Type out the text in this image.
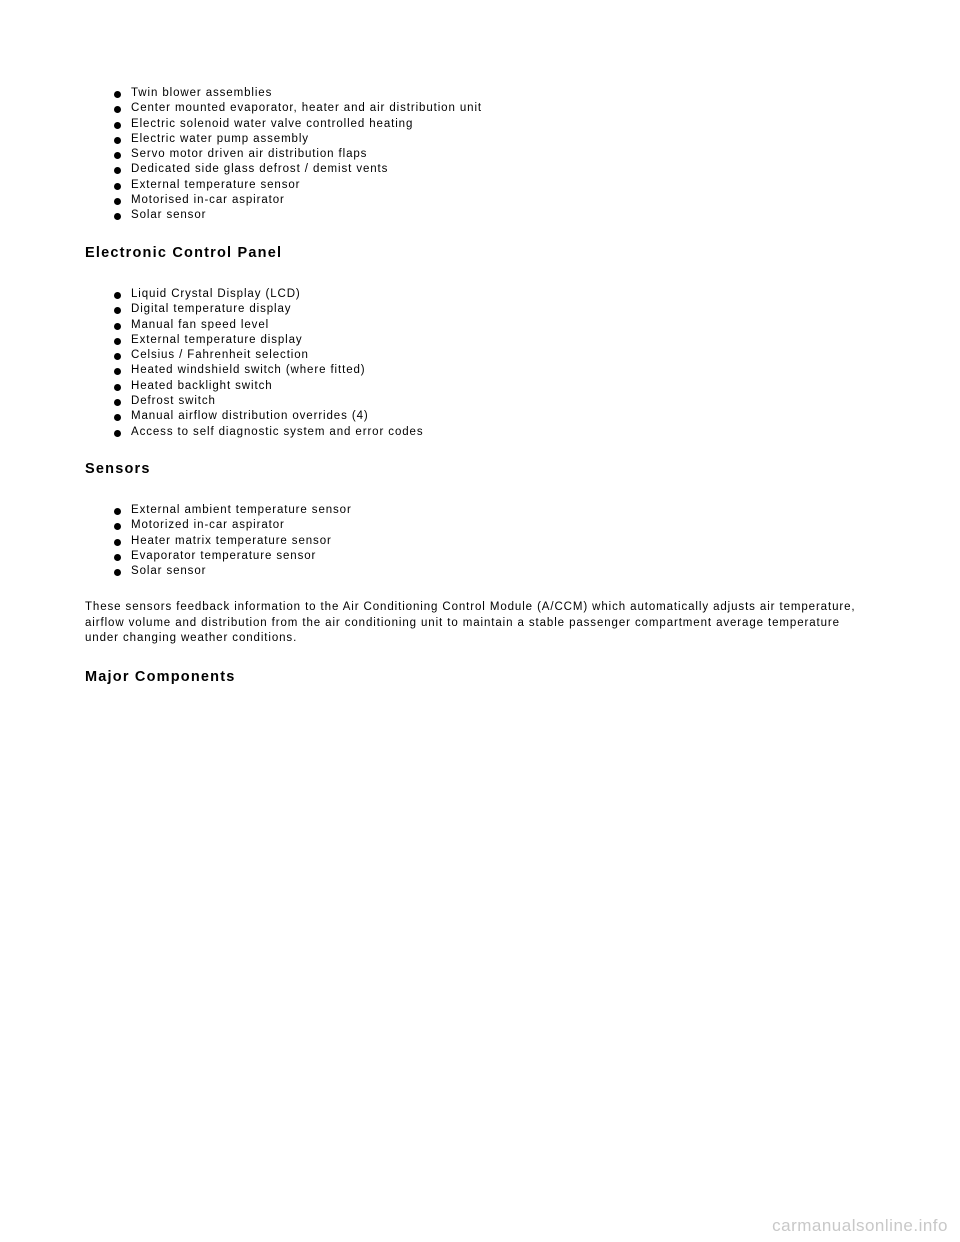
Twin blower assemblies
Center mounted evaporator, heater and air distribution unit
Electric solenoid water valve controlled heating
Electric water pump assembly
Servo motor driven air distribution flaps
Dedicated side glass defrost / demist vents
External temperature sensor
Motorised in-car aspirator
Solar sensor
Electronic Control Panel
Liquid Crystal Display (LCD)
Digital temperature display
Manual fan speed level
External temperature display
Celsius / Fahrenheit selection
Heated windshield switch (where fitted)
Heated backlight switch
Defrost switch
Manual airflow distribution overrides (4)
Access to self diagnostic system and error codes
Sensors
External ambient temperature sensor
Motorized in-car aspirator
Heater matrix temperature sensor
Evaporator temperature sensor
Solar sensor

These sensors feedback information to the Air Conditioning Control Module (A/CCM) which automatically adjusts air temperature, airflow volume and distribution from the air conditioning unit to maintain a stable passenger compartment average temperature under changing weather conditions.

Major Components
carmanualsonline.info
